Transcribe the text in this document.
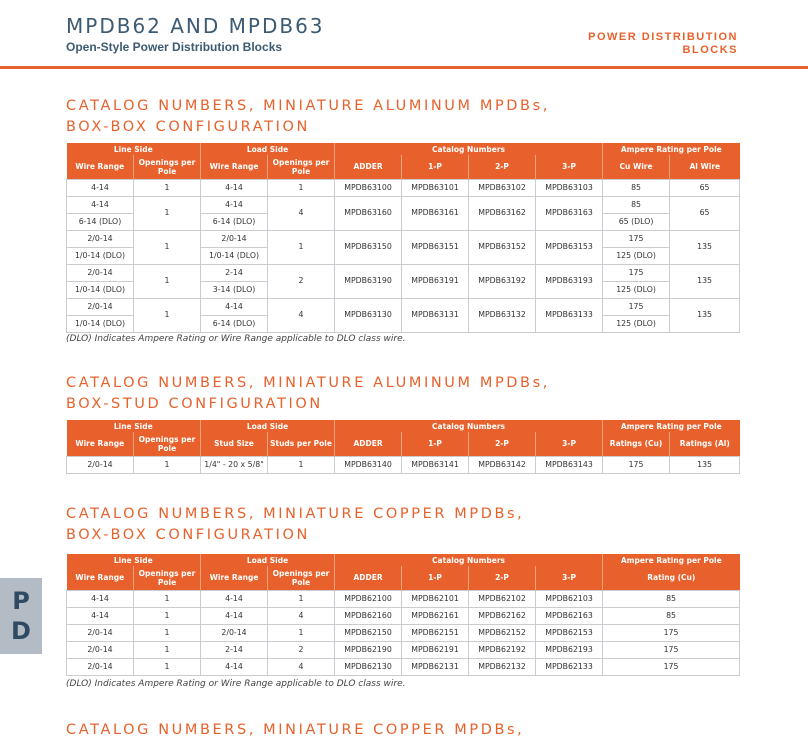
MPDB62 AND MPDB63
Open-Style Power Distribution Blocks
POWER DISTRIBUTION
BLOCKS
CATALOG NUMBERS, MINIATURE ALUMINUM MPDBs,
BOX-BOX CONFIGURATION
Line Side		Load Side		Catalog Numbers				Ampere Rating per Pole	
Wire Range	Openings per Pole	Wire Range	Openings per Pole	ADDER	1-P	2-P	3-P	Cu Wire	Al Wire
4-14	1	4-14	1	MPDB63100	MPDB63101	MPDB63102	MPDB63103	85	65
4-14	1	4-14	4	MPDB63160	MPDB63161	MPDB63162	MPDB63163	85	65
6-14 (DLO)		6-14 (DLO)						65 (DLO)	
2/0-14	1	2/0-14	1	MPDB63150	MPDB63151	MPDB63152	MPDB63153	175	135
1/0-14 (DLO)		1/0-14 (DLO)						125 (DLO)	
2/0-14	1	2-14	2	MPDB63190	MPDB63191	MPDB63192	MPDB63193	175	135
1/0-14 (DLO)		3-14 (DLO)						125 (DLO)	
2/0-14	1	4-14	4	MPDB63130	MPDB63131	MPDB63132	MPDB63133	175	135
1/0-14 (DLO)		6-14 (DLO)						125 (DLO)	
(DLO) Indicates Ampere Rating or Wire Range applicable to DLO class wire.
CATALOG NUMBERS, MINIATURE ALUMINUM MPDBs,
BOX-STUD CONFIGURATION
Line Side		Load Side		Catalog Numbers				Ampere Rating per Pole	
Wire Range	Openings per Pole	Stud Size	Studs per Pole	ADDER	1-P	2-P	3-P	Ratings (Cu)	Ratings (Al)
2/0-14	1	1/4" - 20 x 5/8"	1	MPDB63140	MPDB63141	MPDB63142	MPDB63143	175	135
CATALOG NUMBERS, MINIATURE COPPER MPDBs,
BOX-BOX CONFIGURATION
Line Side		Load Side		Catalog Numbers				Ampere Rating per Pole
Wire Range	Openings per Pole	Wire Range	Openings per Pole	ADDER	1-P	2-P	3-P	Rating (Cu)
4-14	1	4-14	1	MPDB62100	MPDB62101	MPDB62102	MPDB62103	85
4-14	1	4-14	4	MPDB62160	MPDB62161	MPDB62162	MPDB62163	85
2/0-14	1	2/0-14	1	MPDB62150	MPDB62151	MPDB62152	MPDB62153	175
2/0-14	1	2-14	2	MPDB62190	MPDB62191	MPDB62192	MPDB62193	175
2/0-14	1	4-14	4	MPDB62130	MPDB62131	MPDB62132	MPDB62133	175
(DLO) Indicates Ampere Rating or Wire Range applicable to DLO class wire.
CATALOG NUMBERS, MINIATURE COPPER MPDBs,
P
D
